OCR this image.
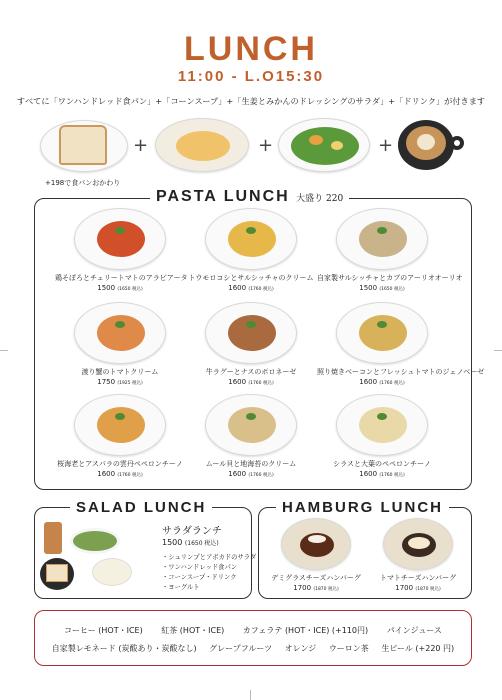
LUNCH
11:00 - L.O15:30
すべてに「ワンハンドレッド食パン」+「コーンスープ」+「生姜とみかんのドレッシングのサラダ」+「ドリンク」が付きます
+198で食パンおかわり
+	+	+
PASTA LUNCH 大盛り 220
鶏そぼろとチェリートマトのアラビアータ
1500 (1650 税込)
トウモロコシとサルシッチャのクリーム
1600 (1760 税込)
自家製サルシッチャとカブのアーリオオーリオ
1500 (1650 税込)
渡り蟹のトマトクリーム
1750 (1925 税込)
牛ラグーとナスのボロネーゼ
1600 (1760 税込)
照り焼きベーコンとフレッシュトマトのジェノベーゼ
1600 (1760 税込)
桜海老とアスパラの雲丹ペペロンチーノ
1600 (1760 税込)
ムール貝と地海苔のクリーム
1600 (1760 税込)
シラスと大葉のペペロンチーノ
1600 (1760 税込)
SALAD LUNCH
サラダランチ
1500 (1650 税込)
・シュリンプとアボカドのサラダ
・ワンハンドレッド食パン
・コーンスープ・ドリンク
・ヨーグルト
HAMBURG LUNCH
デミグラスチーズハンバーグ
1700 (1870 税込)
トマトチーズハンバーグ
1700 (1870 税込)
コーヒー (HOT・ICE) 紅茶 (HOT・ICE) カフェラテ (HOT・ICE) (+110円) パインジュース
自家製レモネード (炭酸あり・炭酸なし) グレープフルーツ オレンジ ウーロン茶 生ビール (+220 円)
